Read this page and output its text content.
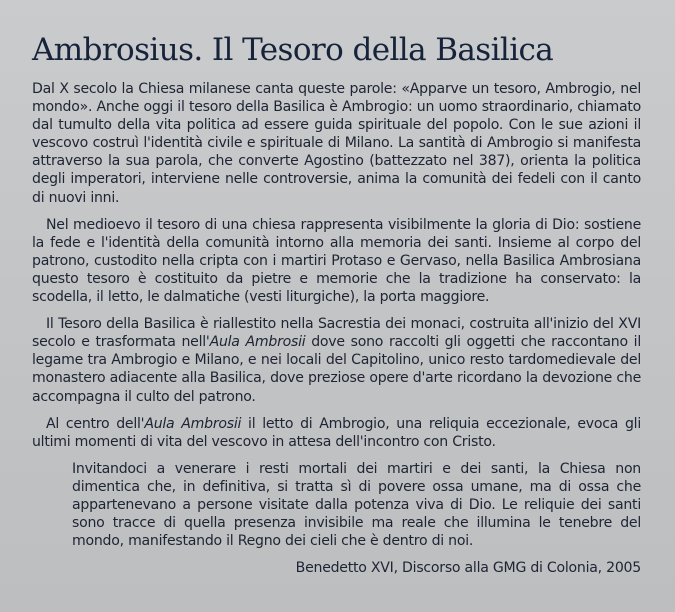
Ambrosius. Il Tesoro della Basilica

Dal X secolo la Chiesa milanese canta queste parole: «Apparve un tesoro, Ambrogio, nel mondo». Anche oggi il tesoro della Basilica è Ambrogio: un uomo straordinario, chiamato dal tumulto della vita politica ad essere guida spirituale del popolo. Con le sue azioni il vescovo costruì l'identità civile e spirituale di Milano. La santità di Ambrogio si manifesta attraverso la sua parola, che converte Agostino (battezzato nel 387), orienta la politica degli imperatori, interviene nelle controversie, anima la comunità dei fedeli con il canto di nuovi inni.

Nel medioevo il tesoro di una chiesa rappresenta visibilmente la gloria di Dio: sostiene la fede e l'identità della comunità intorno alla memoria dei santi. Insieme al corpo del patrono, custodito nella cripta con i martiri Protaso e Gervaso, nella Basilica Ambrosiana questo tesoro è costituito da pietre e memorie che la tradizione ha conservato: la scodella, il letto, le dalmatiche (vesti liturgiche), la porta maggiore.

Il Tesoro della Basilica è riallestito nella Sacrestia dei monaci, costruita all'inizio del XVI secolo e trasformata nell'Aula Ambrosii dove sono raccolti gli oggetti che raccontano il legame tra Ambrogio e Milano, e nei locali del Capitolino, unico resto tardomedievale del monastero adiacente alla Basilica, dove preziose opere d'arte ricordano la devozione che accompagna il culto del patrono.

Al centro dell'Aula Ambrosii il letto di Ambrogio, una reliquia eccezionale, evoca gli ultimi momenti di vita del vescovo in attesa dell'incontro con Cristo.

Invitandoci a venerare i resti mortali dei martiri e dei santi, la Chiesa non dimentica che, in definitiva, si tratta sì di povere ossa umane, ma di ossa che appartenevano a persone visitate dalla potenza viva di Dio. Le reliquie dei santi sono tracce di quella presenza invisibile ma reale che illumina le tenebre del mondo, manifestando il Regno dei cieli che è dentro di noi.

Benedetto XVI, Discorso alla GMG di Colonia, 2005
